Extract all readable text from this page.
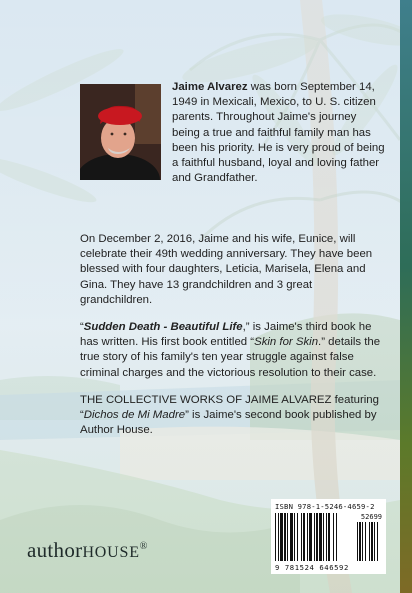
Jaime Alvarez was born September 14, 1949 in Mexicali, Mexico, to U. S. citizen parents. Throughout Jaime's journey being a true and faithful family man has been his priority. He is very proud of being a faithful husband, loyal and loving father and Grandfather.

On December 2, 2016, Jaime and his wife, Eunice, will celebrate their 49th wedding anniversary. They have been blessed with four daughters, Leticia, Marisela, Elena and Gina. They have 13 grandchildren and 3 great grandchildren.

“Sudden Death - Beautiful Life,” is Jaime's third book he has written. His first book entitled “Skin for Skin.” details the true story of his family's ten year struggle against false criminal charges and the victorious resolution to their case.

THE COLLECTIVE WORKS OF JAIME ALVAREZ featuring “Dichos de Mi Madre” is Jaime's second book published by Author House.

ISBN 978-1-5246-4659-2
52699
9 781524 646592
authorHOUSE®
